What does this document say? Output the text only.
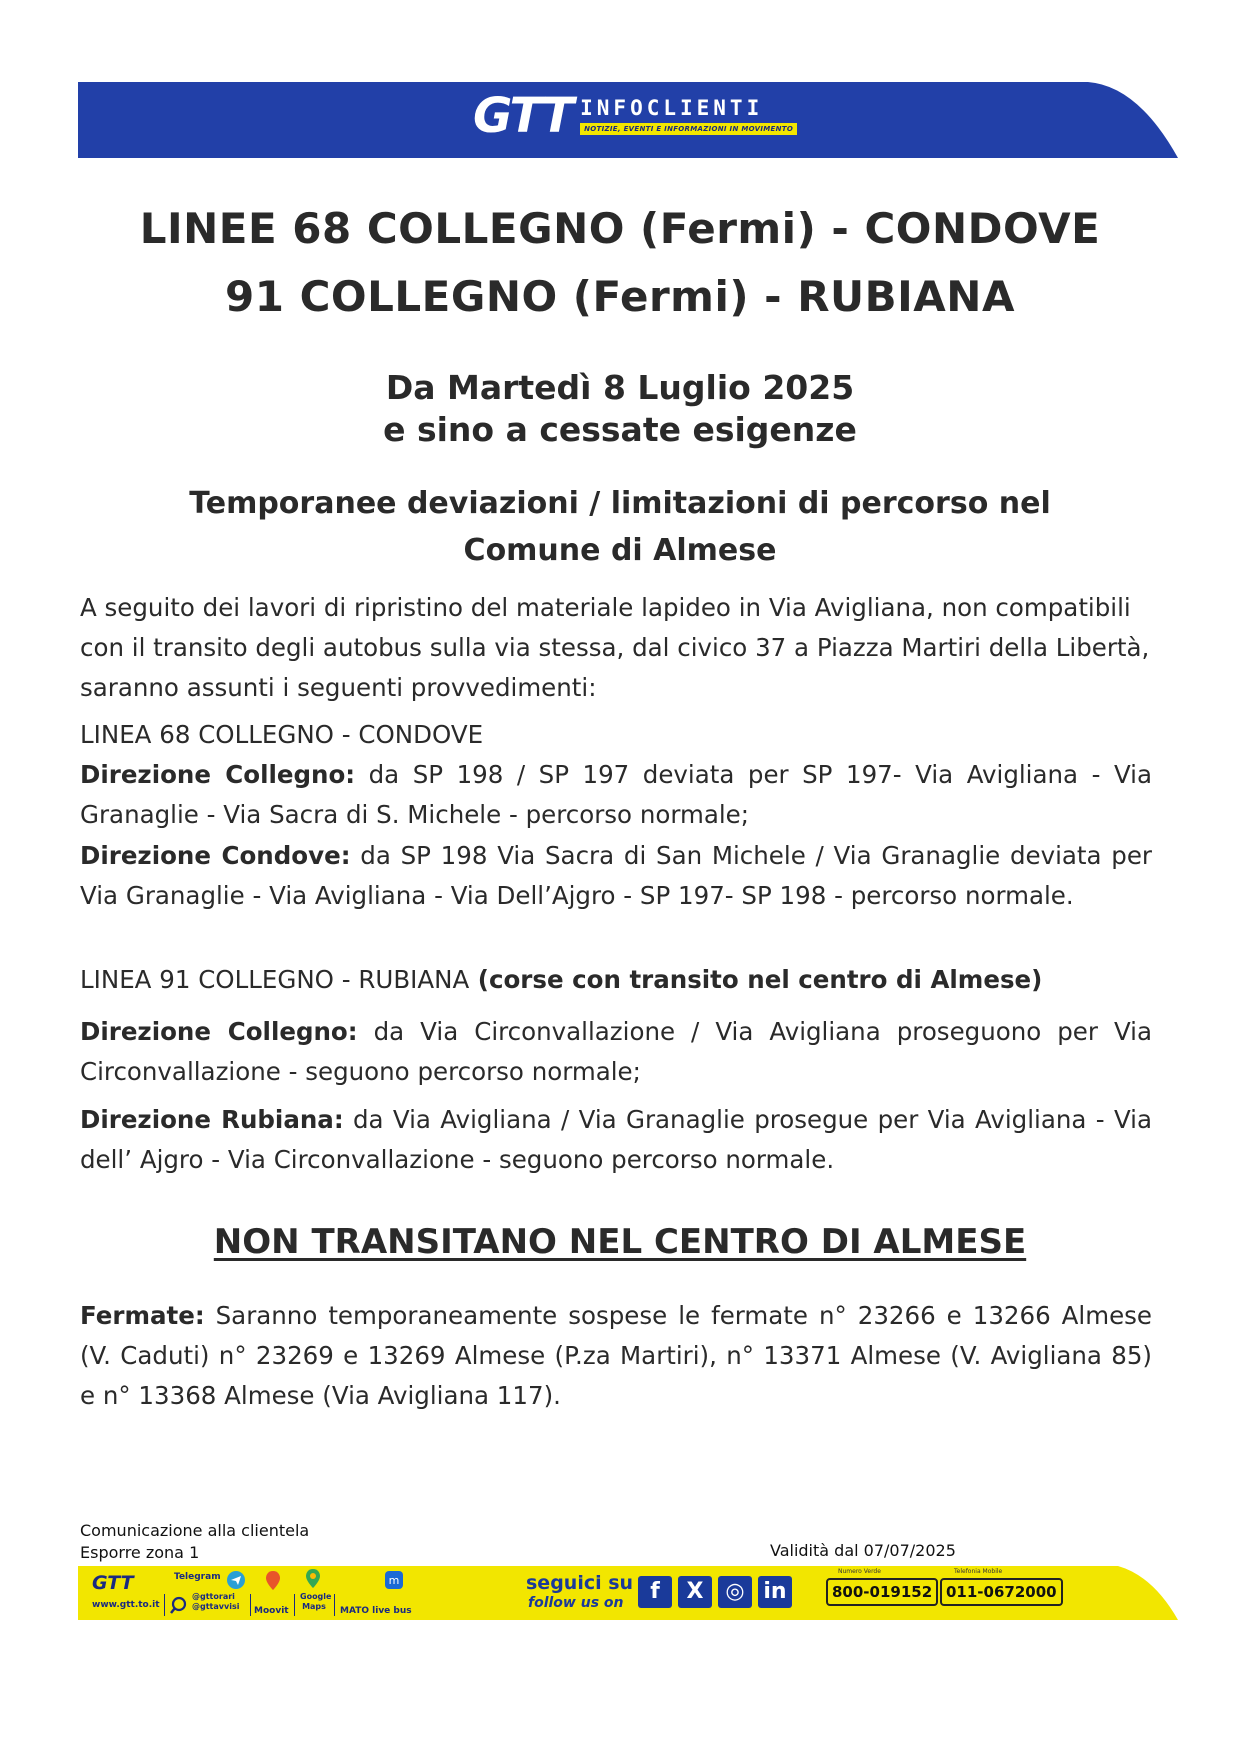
GTT INFOCLIENTI
NOTIZIE, EVENTI E INFORMAZIONI IN MOVIMENTO
LINEE 68 COLLEGNO (Fermi) - CONDOVE
91 COLLEGNO (Fermi) - RUBIANA
Da Martedì 8 Luglio 2025
e sino a cessate esigenze
Temporanee deviazioni / limitazioni di percorso nel
Comune di Almese

A seguito dei lavori di ripristino del materiale lapideo in Via Avigliana, non compatibili con il transito degli autobus sulla via stessa, dal civico 37 a Piazza Martiri della Libertà, saranno assunti i seguenti provvedimenti:

LINEA 68 COLLEGNO - CONDOVE

Direzione Collegno: da SP 198 / SP 197 deviata per SP 197- Via Avigliana - Via Granaglie - Via Sacra di S. Michele - percorso normale;

Direzione Condove: da SP 198 Via Sacra di San Michele / Via Granaglie deviata per Via Granaglie - Via Avigliana - Via Dell’Ajgro - SP 197- SP 198 - percorso normale.

LINEA 91 COLLEGNO - RUBIANA (corse con transito nel centro di Almese)

Direzione Collegno: da Via Circonvallazione / Via Avigliana proseguono per Via Circonvallazione - seguono percorso normale;

Direzione Rubiana: da Via Avigliana / Via Granaglie prosegue per Via Avigliana - Via dell’ Ajgro - Via Circonvallazione - seguono percorso normale.

NON TRANSITANO NEL CENTRO DI ALMESE

Fermate: Saranno temporaneamente sospese le fermate n° 23266 e 13266 Almese (V. Caduti) n° 23269 e 13269 Almese (P.za Martiri), n° 13371 Almese (V. Avigliana 85) e n° 13368 Almese (Via Avigliana 117).

Comunicazione alla clientela
Esporre zona 1	Validità dal 07/07/2025
GTT
www.gtt.to.it
Telegram
@gttorari @gttavvisi	Moovit
Google Maps
m
MATO live bus
seguici su
follow us on	f	X ◎ in
Numero Verde
800-019152
Telefonia Mobile
011-0672000
